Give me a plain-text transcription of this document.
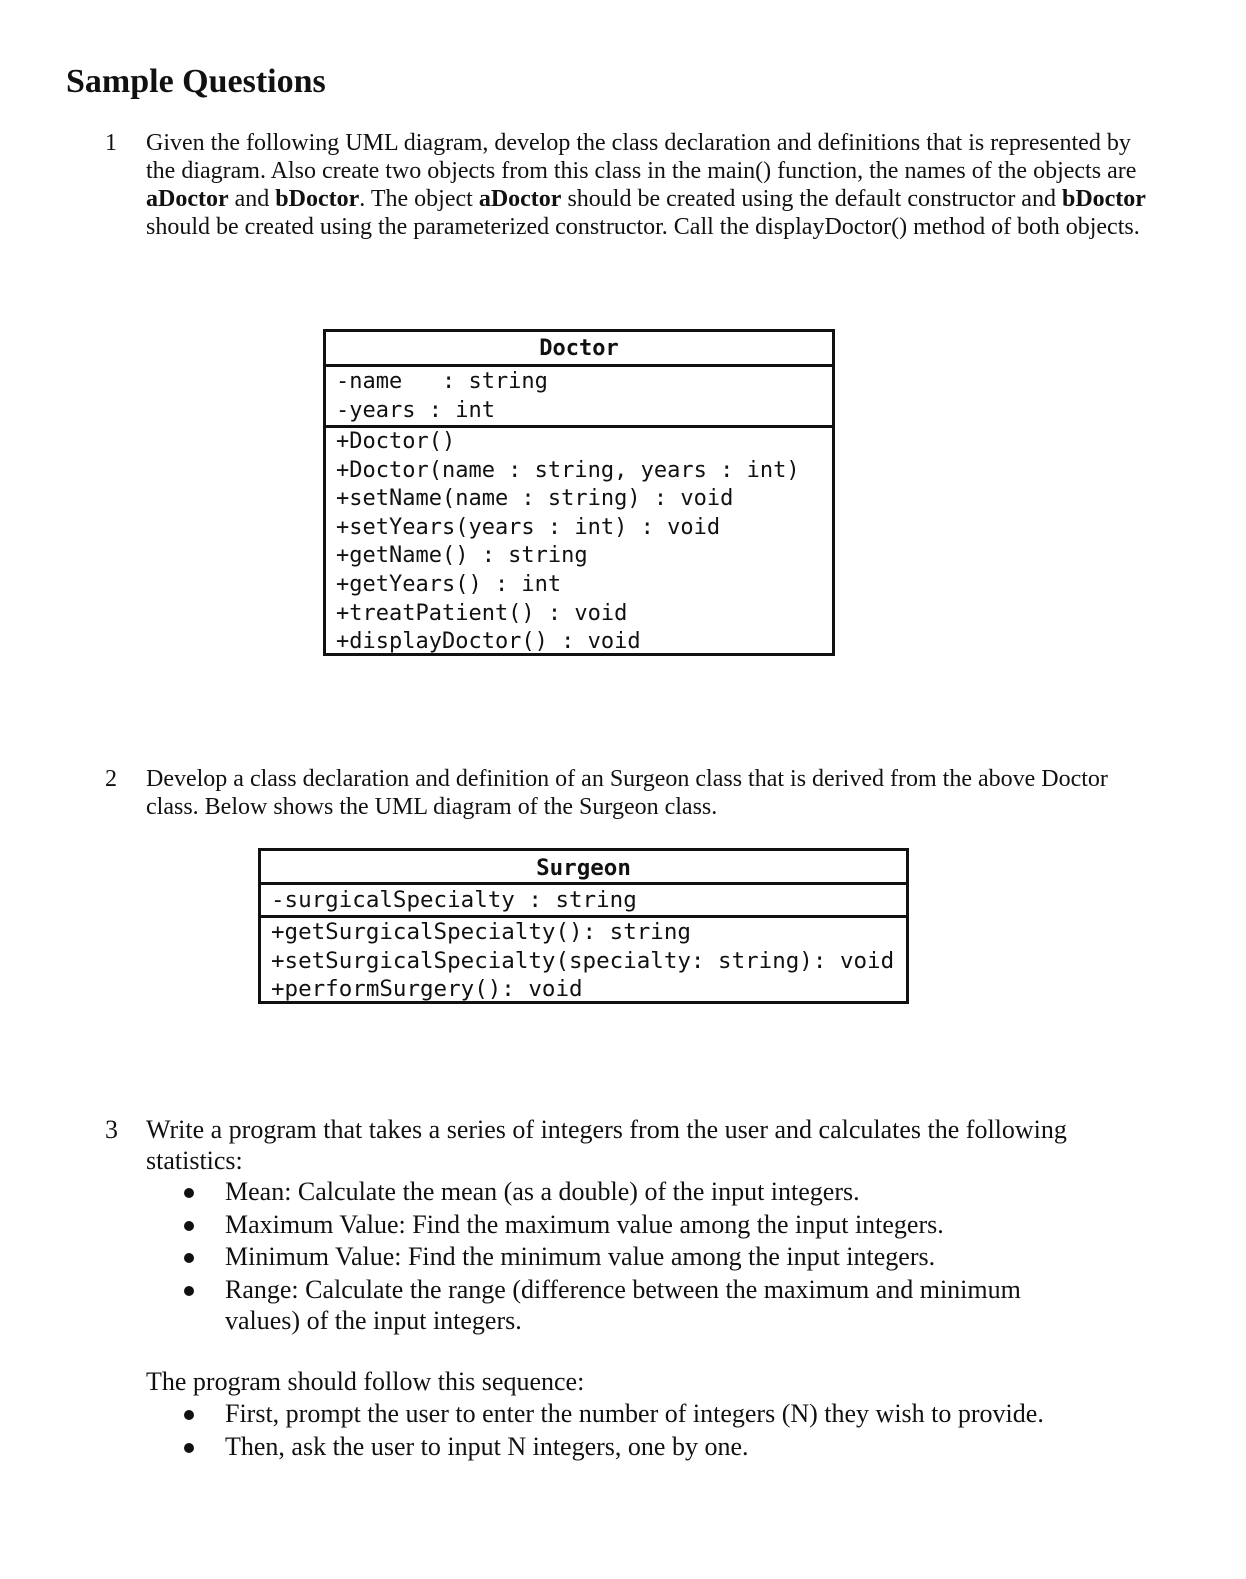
Sample Questions
1 Given the following UML diagram, develop the class declaration and definitions that is represented by the diagram. Also create two objects from this class in the main() function, the names of the objects are aDoctor and bDoctor. The object aDoctor should be created using the default constructor and bDoctor should be created using the parameterized constructor. Call the displayDoctor() method of both objects.

Doctor
-name   : string
-years : int
+Doctor()
+Doctor(name : string, years : int)
+setName(name : string) : void
+setYears(years : int) : void
+getName() : string
+getYears() : int
+treatPatient() : void
+displayDoctor() : void
2 Develop a class declaration and definition of an Surgeon class that is derived from the above Doctor class. Below shows the UML diagram of the Surgeon class.

Surgeon
-surgicalSpecialty : string
+getSurgicalSpecialty(): string
+setSurgicalSpecialty(specialty: string): void
+performSurgery(): void
3 Write a program that takes a series of integers from the user and calculates the following statistics:

Mean: Calculate the mean (as a double) of the input integers.
Maximum Value: Find the maximum value among the input integers.
Minimum Value: Find the minimum value among the input integers.
Range: Calculate the range (difference between the maximum and minimum values) of the input integers.

The program should follow this sequence:

First, prompt the user to enter the number of integers (N) they wish to provide.
Then, ask the user to input N integers, one by one.
